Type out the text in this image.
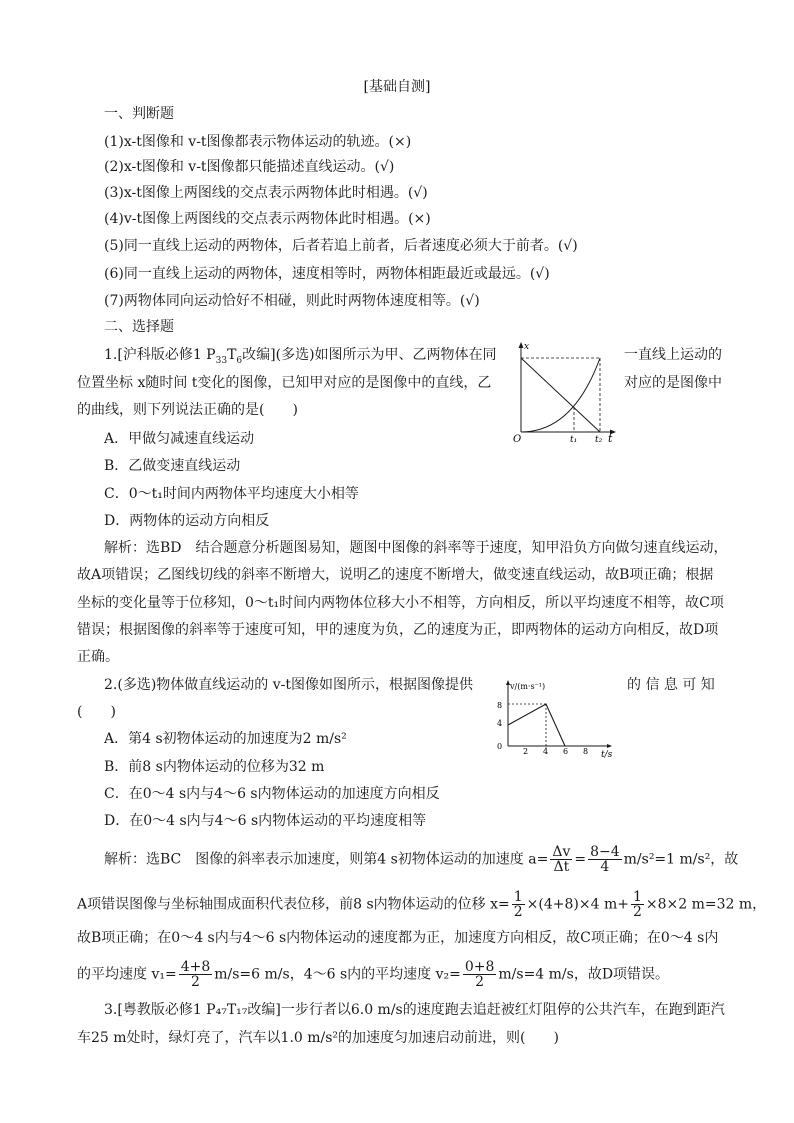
[基础自测]
一、判断题
(1)x-t图像和 v-t图像都表示物体运动的轨迹。(×)
(2)x-t图像和 v-t图像都只能描述直线运动。(√)
(3)x-t图像上两图线的交点表示两物体此时相遇。(√)
(4)v-t图像上两图线的交点表示两物体此时相遇。(×)
(5)同一直线上运动的两物体，后者若追上前者，后者速度必须大于前者。(√)
(6)同一直线上运动的两物体，速度相等时，两物体相距最近或最远。(√)
(7)两物体同向运动恰好不相碰，则此时两物体速度相等。(√)
二、选择题
1.[沪科版必修1 $P_{33}T_6$改编](多选)如图所示为甲、乙两物体在同	一直线上运动的
位置坐标 x随时间 t变化的图像，已知甲对应的是图像中的直线，乙	对应的是图像中
的曲线，则下列说法正确的是(　　)
x
t
O	t₁ t₂
A．甲做匀减速直线运动
B．乙做变速直线运动
C．0～t₁时间内两物体平均速度大小相等
D．两物体的运动方向相反
解析：选BD　结合题意分析题图易知，题图中图像的斜率等于速度，知甲沿负方向做匀速直线运动，
故A项错误；乙图线切线的斜率不断增大，说明乙的速度不断增大，做变速直线运动，故B项正确；根据
坐标的变化量等于位移知，0～t₁时间内两物体位移大小不相等，方向相反，所以平均速度不相等，故C项
错误；根据图像的斜率等于速度可知，甲的速度为负，乙的速度为正，即两物体的运动方向相反，故D项
正确。
2.(多选)物体做直线运动的 v-t图像如图所示，根据图像提供	的 信 息 可 知
(　　)
v/(m·s⁻¹)
t/s
8
4
0
2 4 6 8
A．第4 s初物体运动的加速度为2 m/s²
B．前8 s内物体运动的位移为32 m
C．在0～4 s内与4～6 s内物体运动的加速度方向相反
D．在0～4 s内与4～6 s内物体运动的平均速度相等
解析：选BC　图像的斜率表示加速度，则第4 s初物体运动的加速度 $a= \frac{\Delta v}{\Delta t} = \frac{8-4}{4} m/s^2=1$ m/s²，故
A项错误图像与坐标轴围成面积代表位移，前8 s内物体运动的位移 $x= \frac{1}{2} \times(4+8)\times 4$ $m+ \frac{1}{2} \times 8\times 2$ m=32 m，
故B项正确；在0～4 s内与4～6 s内物体运动的速度都为正，加速度方向相反，故C项正确；在0～4 s内
的平均速度 $v_1= \frac{4+8}{2} m/s=6$ m/s，4～6 s内的平均速度 $v_2= \frac{0+8}{2} m/s=4$ m/s，故D项错误。
3.[粤教版必修1 P₄₇T₁₇改编]一步行者以6.0 m/s的速度跑去追赶被红灯阻停的公共汽车，在跑到距汽
车25 m处时，绿灯亮了，汽车以1.0 m/s²的加速度匀加速启动前进，则(　　)
